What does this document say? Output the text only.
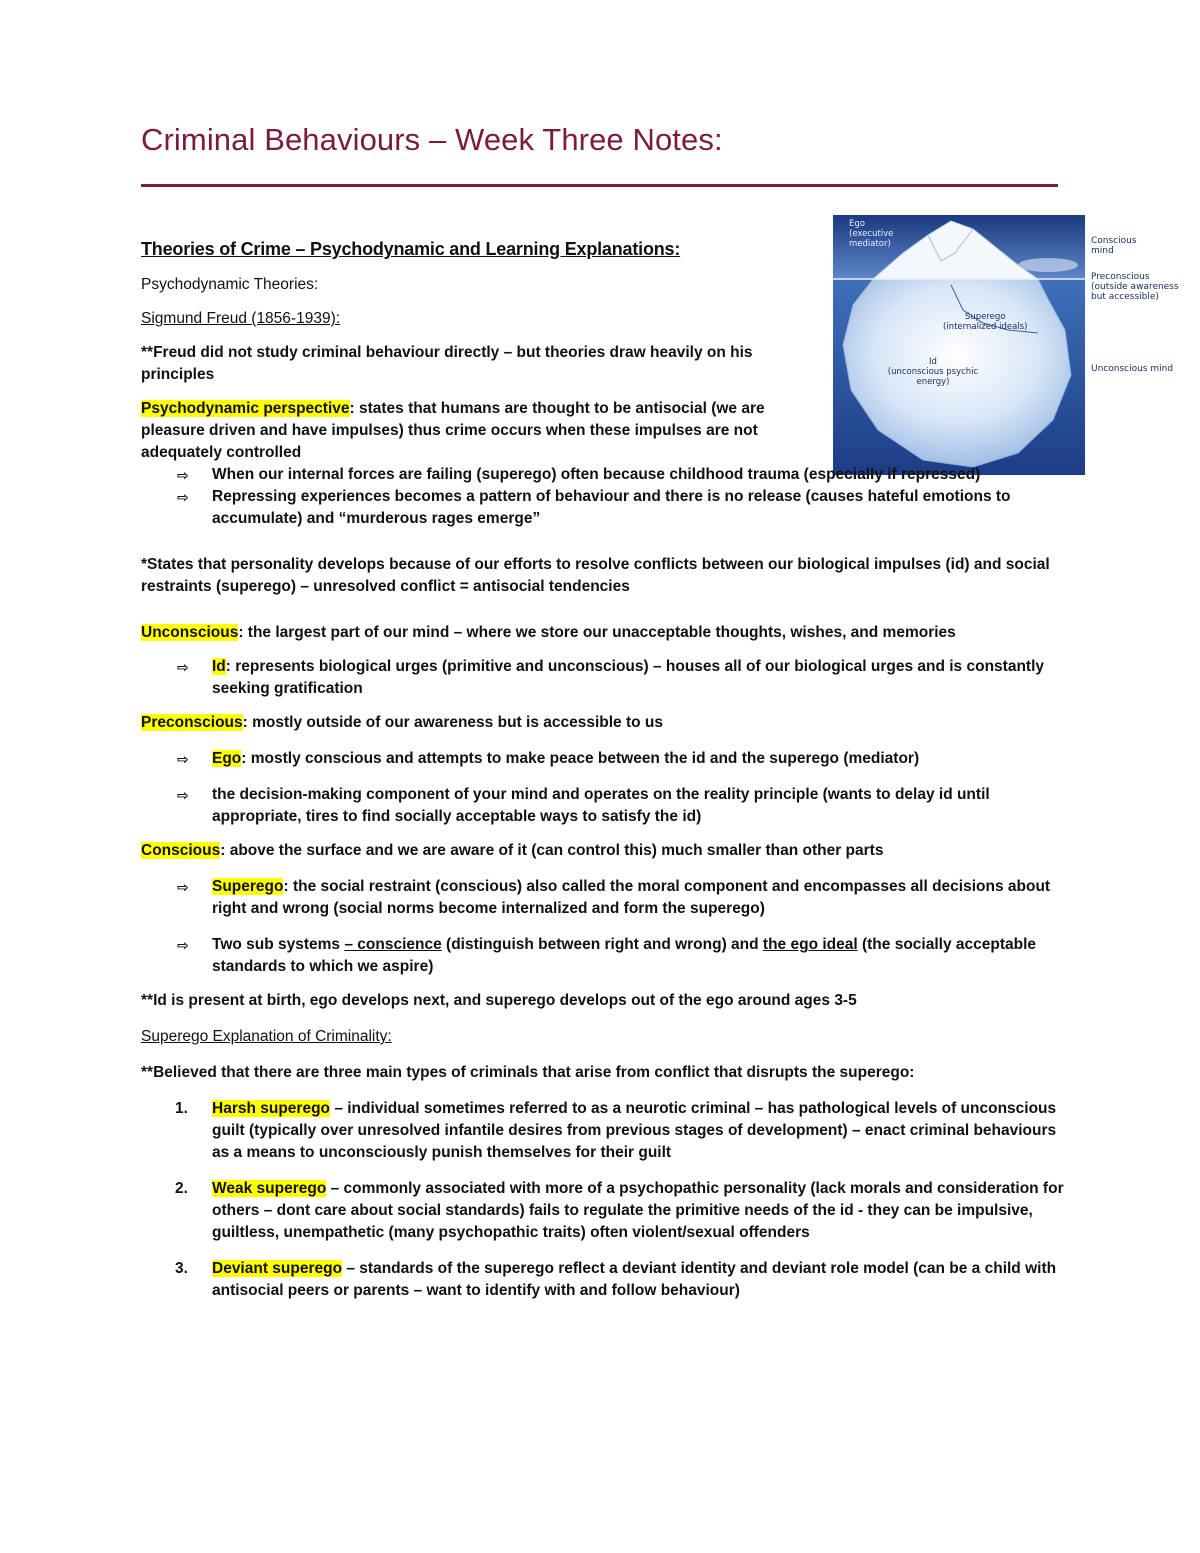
Criminal Behaviours – Week Three Notes:
Ego
(executive
mediator)
Superego
(internalized ideals)
Id
(unconscious psychic
energy)
Conscious
mind
Preconscious
(outside awareness
but accessible)
Unconscious mind
Theories of Crime – Psychodynamic and Learning Explanations:

Psychodynamic Theories:

Sigmund Freud (1856-1939):

**Freud did not study criminal behaviour directly – but theories draw heavily on his principles

Psychodynamic perspective: states that humans are thought to be antisocial (we are pleasure driven and have impulses) thus crime occurs when these impulses are not adequately controlled

⇨ When our internal forces are failing (superego) often because childhood trauma (especially if repressed)
⇨ Repressing experiences becomes a pattern of behaviour and there is no release (causes hateful emotions to accumulate) and “murderous rages emerge”

*States that personality develops because of our efforts to resolve conflicts between our biological impulses (id) and social restraints (superego) – unresolved conflict = antisocial tendencies

Unconscious: the largest part of our mind – where we store our unacceptable thoughts, wishes, and memories

⇨ Id: represents biological urges (primitive and unconscious) – houses all of our biological urges and is constantly seeking gratification

Preconscious: mostly outside of our awareness but is accessible to us

⇨ Ego: mostly conscious and attempts to make peace between the id and the superego (mediator)
⇨ the decision-making component of your mind and operates on the reality principle (wants to delay id until appropriate, tires to find socially acceptable ways to satisfy the id)

Conscious: above the surface and we are aware of it (can control this) much smaller than other parts

⇨ Superego: the social restraint (conscious) also called the moral component and encompasses all decisions about right and wrong (social norms become internalized and form the superego)
⇨ Two sub systems – conscience (distinguish between right and wrong) and the ego ideal (the socially acceptable standards to which we aspire)

**Id is present at birth, ego develops next, and superego develops out of the ego around ages 3-5

Superego Explanation of Criminality:

**Believed that there are three main types of criminals that arise from conflict that disrupts the superego:

1. Harsh superego – individual sometimes referred to as a neurotic criminal – has pathological levels of unconscious guilt (typically over unresolved infantile desires from previous stages of development) – enact criminal behaviours as a means to unconsciously punish themselves for their guilt
2. Weak superego – commonly associated with more of a psychopathic personality (lack morals and consideration for others – dont care about social standards) fails to regulate the primitive needs of the id - they can be impulsive, guiltless, unempathetic (many psychopathic traits) often violent/sexual offenders
3. Deviant superego – standards of the superego reflect a deviant identity and deviant role model (can be a child with antisocial peers or parents – want to identify with and follow behaviour)
